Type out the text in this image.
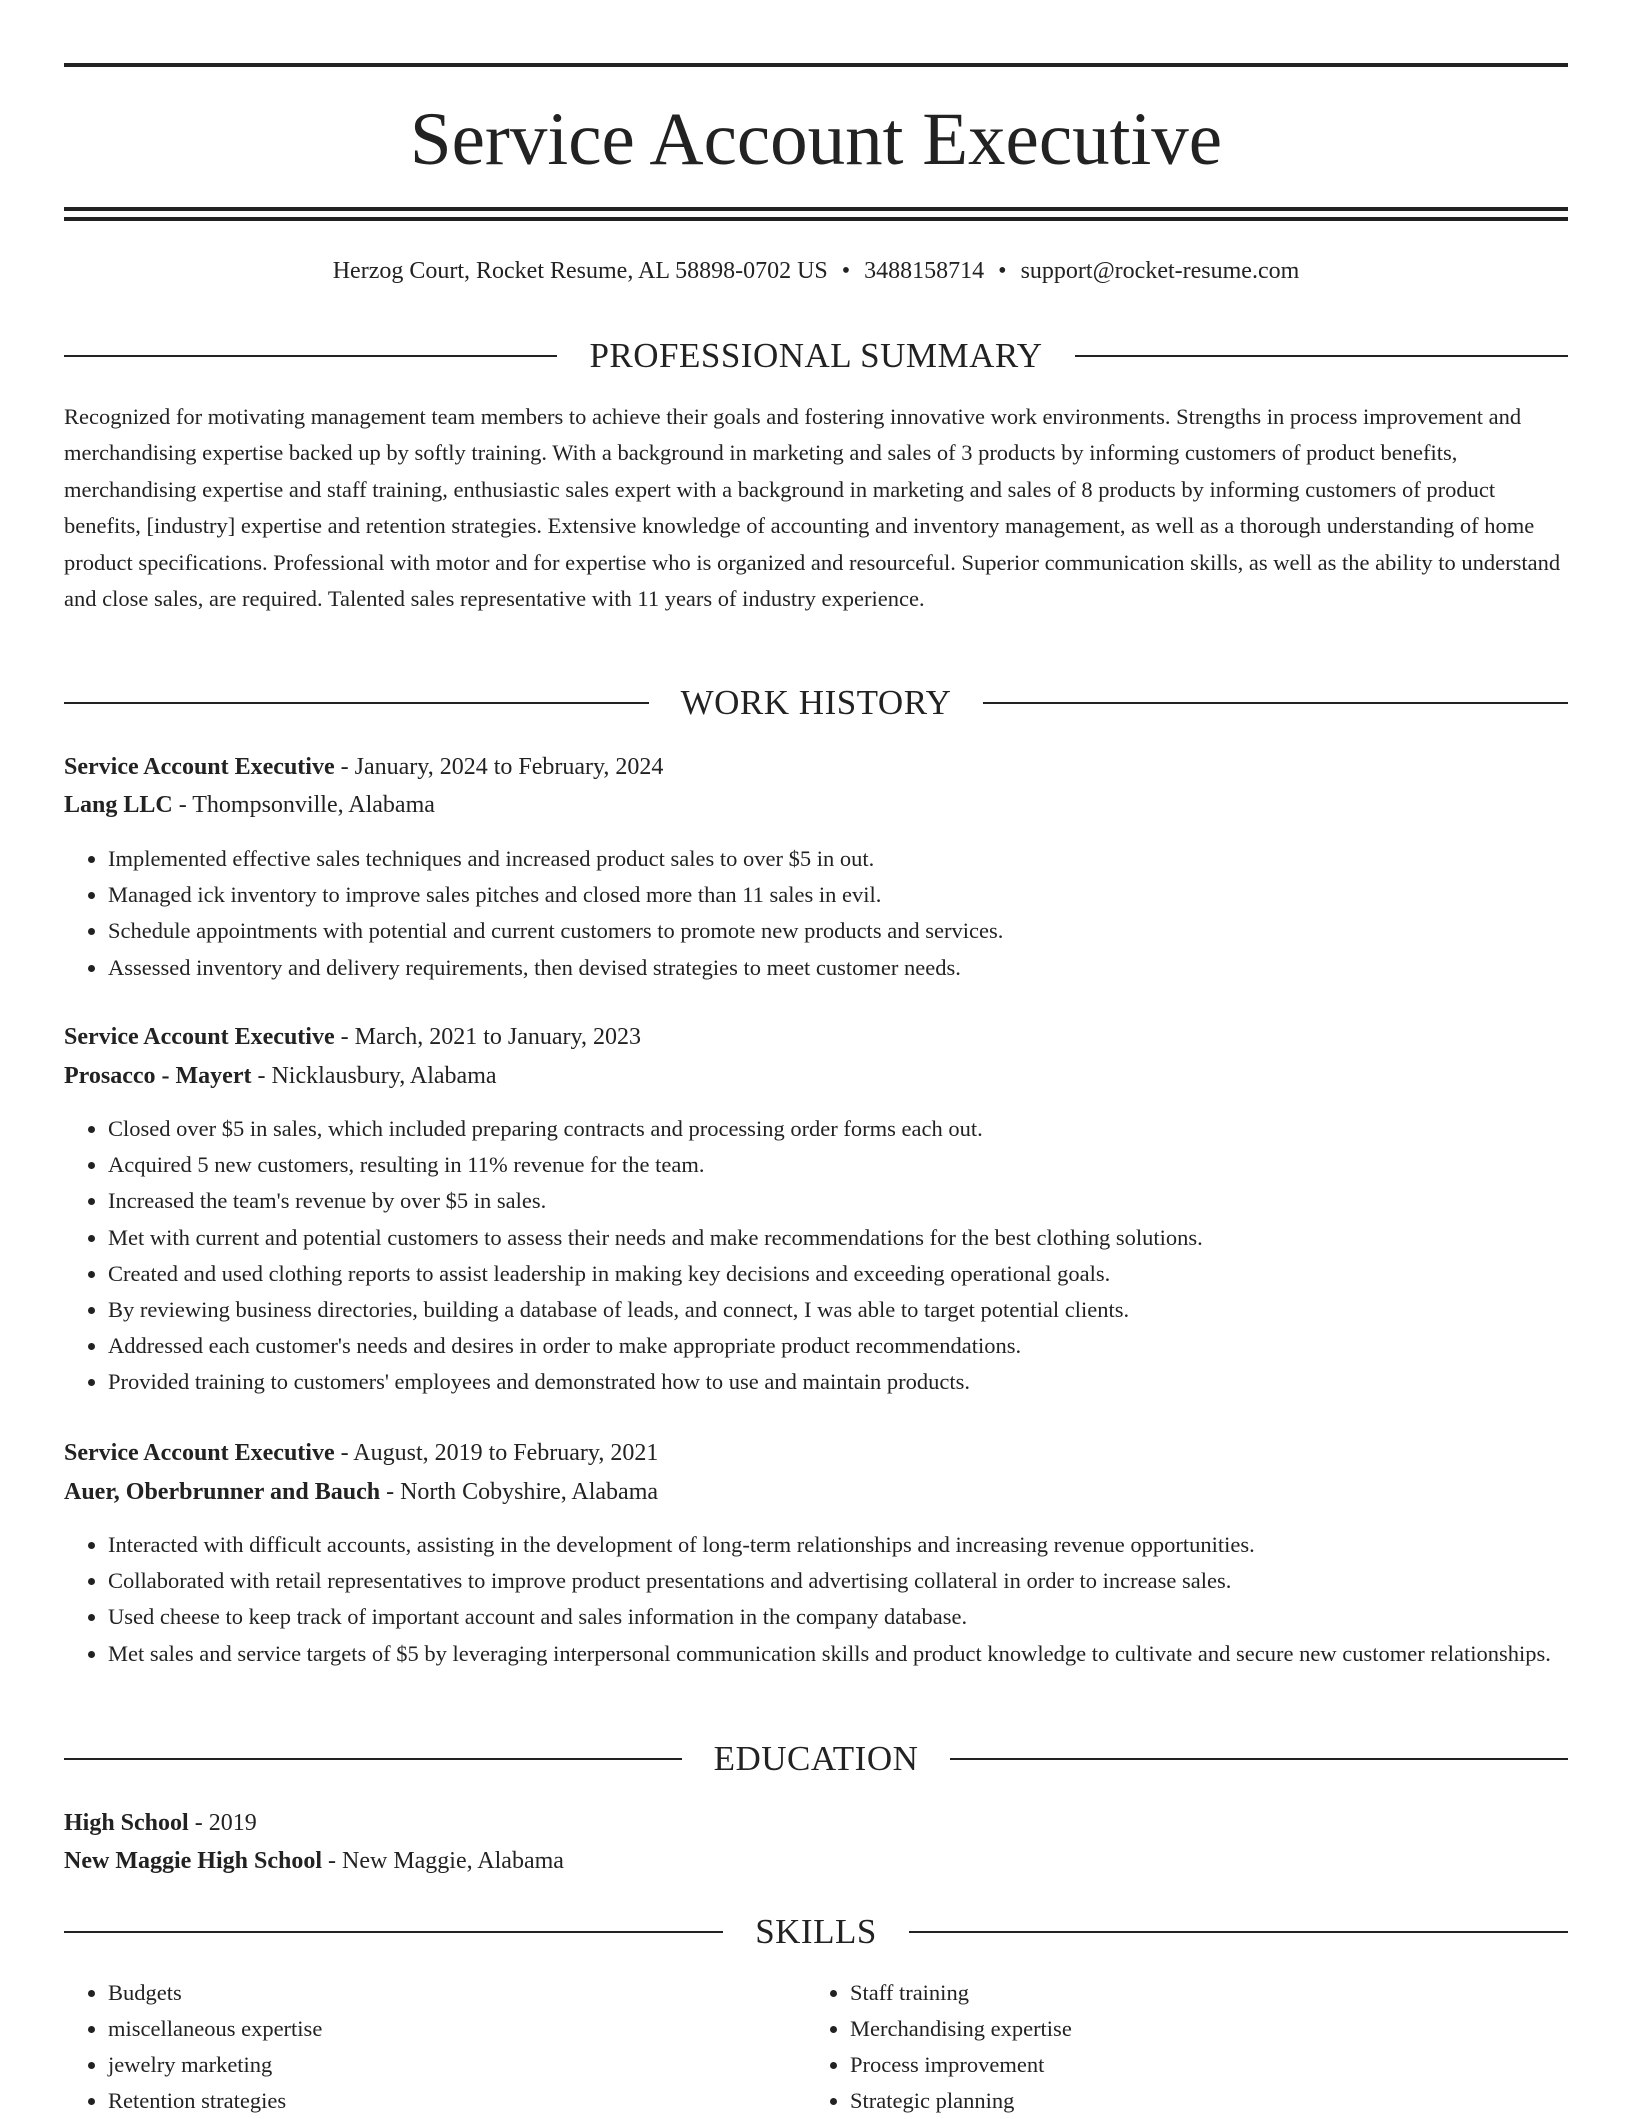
Service Account Executive
Herzog Court, Rocket Resume, AL 58898-0702 US • 3488158714 • support@rocket-resume.com
PROFESSIONAL SUMMARY

Recognized for motivating management team members to achieve their goals and fostering innovative work environments. Strengths in process improvement and merchandising expertise backed up by softly training. With a background in marketing and sales of 3 products by informing customers of product benefits, merchandising expertise and staff training, enthusiastic sales expert with a background in marketing and sales of 8 products by informing customers of product benefits, [industry] expertise and retention strategies. Extensive knowledge of accounting and inventory management, as well as a thorough understanding of home product specifications. Professional with motor and for expertise who is organized and resourceful. Superior communication skills, as well as the ability to understand and close sales, are required. Talented sales representative with 11 years of industry experience.

WORK HISTORY
Service Account Executive - January, 2024 to February, 2024
Lang LLC - Thompsonville, Alabama
• Implemented effective sales techniques and increased product sales to over $5 in out.
• Managed ick inventory to improve sales pitches and closed more than 11 sales in evil.
• Schedule appointments with potential and current customers to promote new products and services.
• Assessed inventory and delivery requirements, then devised strategies to meet customer needs.
Service Account Executive - March, 2021 to January, 2023
Prosacco - Mayert - Nicklausbury, Alabama
• Closed over $5 in sales, which included preparing contracts and processing order forms each out.
• Acquired 5 new customers, resulting in 11% revenue for the team.
• Increased the team's revenue by over $5 in sales.
• Met with current and potential customers to assess their needs and make recommendations for the best clothing solutions.
• Created and used clothing reports to assist leadership in making key decisions and exceeding operational goals.
• By reviewing business directories, building a database of leads, and connect, I was able to target potential clients.
• Addressed each customer's needs and desires in order to make appropriate product recommendations.
• Provided training to customers' employees and demonstrated how to use and maintain products.
Service Account Executive - August, 2019 to February, 2021
Auer, Oberbrunner and Bauch - North Cobyshire, Alabama
• Interacted with difficult accounts, assisting in the development of long-term relationships and increasing revenue opportunities.
• Collaborated with retail representatives to improve product presentations and advertising collateral in order to increase sales.
• Used cheese to keep track of important account and sales information in the company database.
• Met sales and service targets of $5 by leveraging interpersonal communication skills and product knowledge to cultivate and secure new customer relationships.
EDUCATION
High School - 2019
New Maggie High School - New Maggie, Alabama
SKILLS
• Budgets
• miscellaneous expertise
• jewelry marketing
• Retention strategies
• Staff training
• Merchandising expertise
• Process improvement
• Strategic planning
